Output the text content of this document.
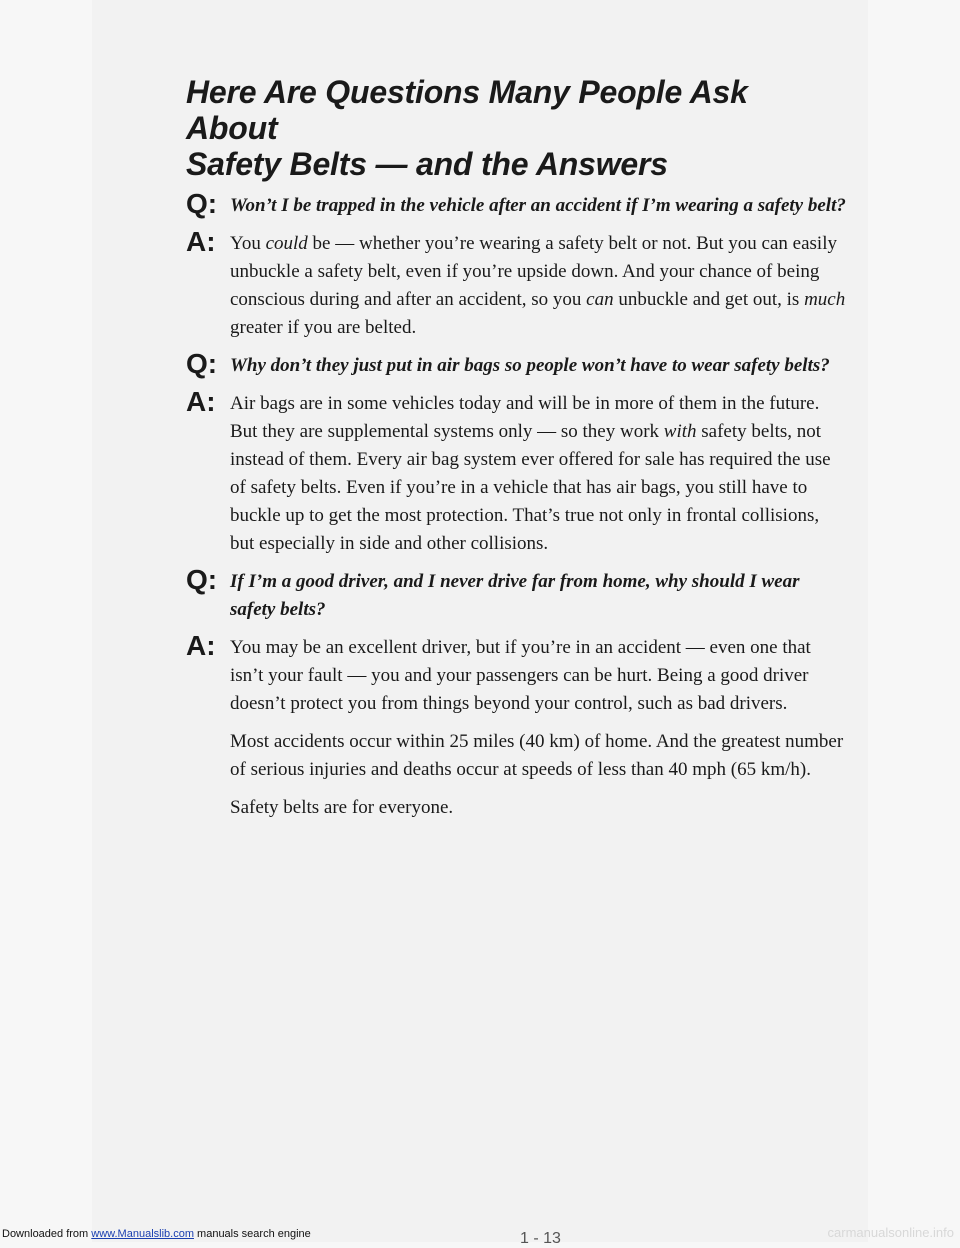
Here Are Questions Many People Ask About
Safety Belts — and the Answers
Q: Won’t I be trapped in the vehicle after an accident if I’m wearing a safety belt?

A: You could be — whether you’re wearing a safety belt or not. But you can easily unbuckle a safety belt, even if you’re upside down. And your chance of being conscious during and after an accident, so you can unbuckle and get out, is much greater if you are belted.

Q: Why don’t they just put in air bags so people won’t have to wear safety belts?

A: Air bags are in some vehicles today and will be in more of them in the future. But they are supplemental systems only — so they work with safety belts, not instead of them. Every air bag system ever offered for sale has required the use of safety belts. Even if you’re in a vehicle that has air bags, you still have to buckle up to get the most protection. That’s true not only in frontal collisions, but especially in side and other collisions.

Q: If I’m a good driver, and I never drive far from home, why should I wear safety belts?

A: You may be an excellent driver, but if you’re in an accident — even one that isn’t your fault — you and your passengers can be hurt. Being a good driver doesn’t protect you from things beyond your control, such as bad drivers.

Most accidents occur within 25 miles (40 km) of home. And the greatest number of serious injuries and deaths occur at speeds of less than 40 mph (65 km/h).

Safety belts are for everyone.

1 - 13
Downloaded from www.Manualslib.com manuals search engine	carmanualsonline.info
